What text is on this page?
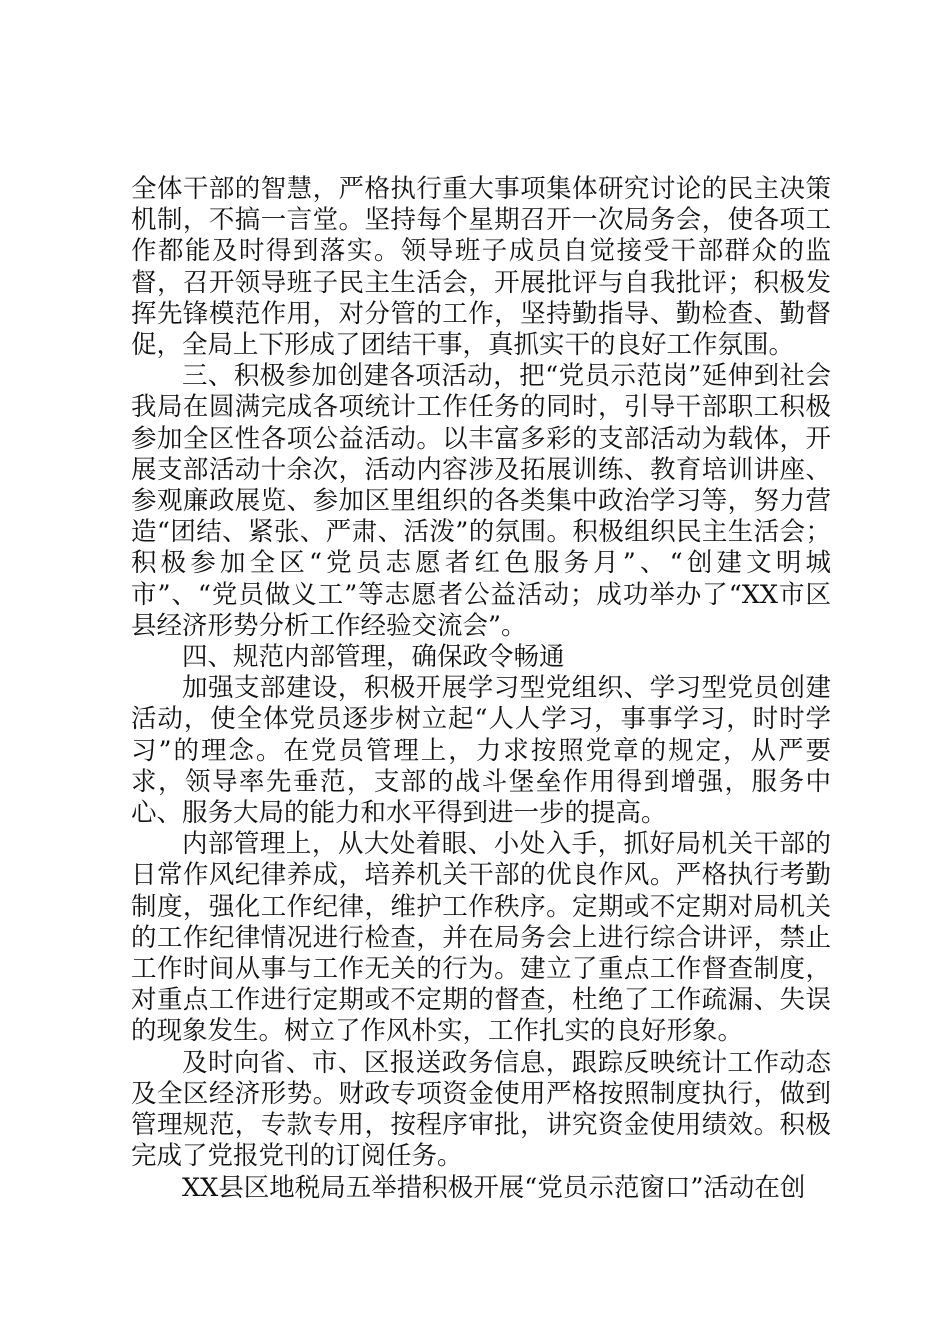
全体干部的智慧，严格执行重大事项集体研究讨论的民主决策机制，不搞一言堂。坚持每个星期召开一次局务会，使各项工作都能及时得到落实。领导班子成员自觉接受干部群众的监督，召开领导班子民主生活会，开展批评与自我批评；积极发挥先锋模范作用，对分管的工作，坚持勤指导、勤检查、勤督促，全局上下形成了团结干事，真抓实干的良好工作氛围。

三、积极参加创建各项活动，把“党员示范岗”延伸到社会我局在圆满完成各项统计工作任务的同时，引导干部职工积极参加全区性各项公益活动。以丰富多彩的支部活动为载体，开展支部活动十余次，活动内容涉及拓展训练、教育培训讲座、参观廉政展览、参加区里组织的各类集中政治学习等，努力营造“团结、紧张、严肃、活泼”的氛围。积极组织民主生活会；积极参加全区“党员志愿者红色服务月”、“创建文明城市”、“党员做义工”等志愿者公益活动；成功举办了“XX市区县经济形势分析工作经验交流会”。

四、规范内部管理，确保政令畅通

加强支部建设，积极开展学习型党组织、学习型党员创建活动，使全体党员逐步树立起“人人学习，事事学习，时时学习”的理念。在党员管理上，力求按照党章的规定，从严要求，领导率先垂范，支部的战斗堡垒作用得到增强，服务中心、服务大局的能力和水平得到进一步的提高。

内部管理上，从大处着眼、小处入手，抓好局机关干部的日常作风纪律养成，培养机关干部的优良作风。严格执行考勤制度，强化工作纪律，维护工作秩序。定期或不定期对局机关的工作纪律情况进行检查，并在局务会上进行综合讲评，禁止工作时间从事与工作无关的行为。建立了重点工作督查制度，对重点工作进行定期或不定期的督查，杜绝了工作疏漏、失误的现象发生。树立了作风朴实，工作扎实的良好形象。

及时向省、市、区报送政务信息，跟踪反映统计工作动态及全区经济形势。财政专项资金使用严格按照制度执行，做到管理规范，专款专用，按程序审批，讲究资金使用绩效。积极完成了党报党刊的订阅任务。

XX县区地税局五举措积极开展“党员示范窗口”活动在创
